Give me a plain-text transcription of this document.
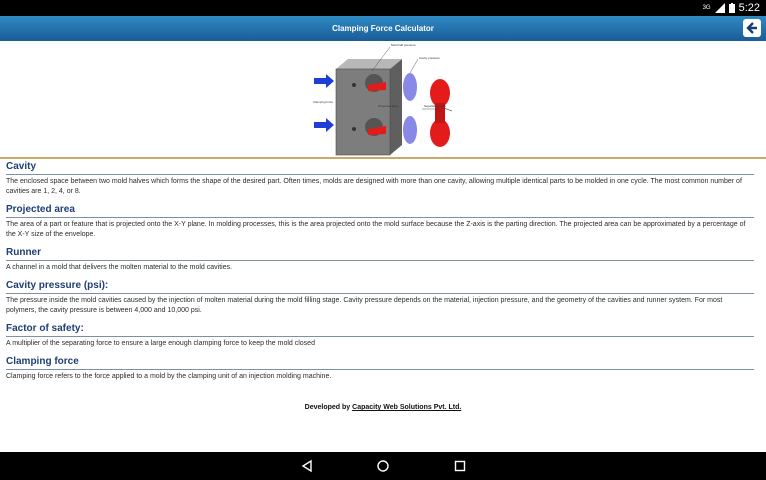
3G	5:22
Clamping Force Calculator
Clamping force
Mold half pressure
Cavity pressure
Projected area	Separating force
Cavity

The enclosed space between two mold halves which forms the shape of the desired part. Often times, molds are designed with more than one cavity, allowing multiple identical parts to be molded in one cycle. The most common number of cavities are 1, 2, 4, or 8.

Projected area

The area of a part or feature that is projected onto the X-Y plane. In molding processes, this is the area projected onto the mold surface because the Z-axis is the parting direction. The projected area can be approximated by a percentage of the X-Y size of the envelope.

Runner

A channel in a mold that delivers the molten material to the mold cavities.

Cavity pressure (psi):

The pressure inside the mold cavities caused by the injection of molten material during the mold filling stage. Cavity pressure depends on the material, injection pressure, and the geometry of the cavities and runner system. For most polymers, the cavity pressure is between 4,000 and 10,000 psi.

Factor of safety:

A multiplier of the separating force to ensure a large enough clamping force to keep the mold closed

Clamping force

Clamping force refers to the force applied to a mold by the clamping unit of an injection molding machine.

Developed by Capacity Web Solutions Pvt. Ltd.
